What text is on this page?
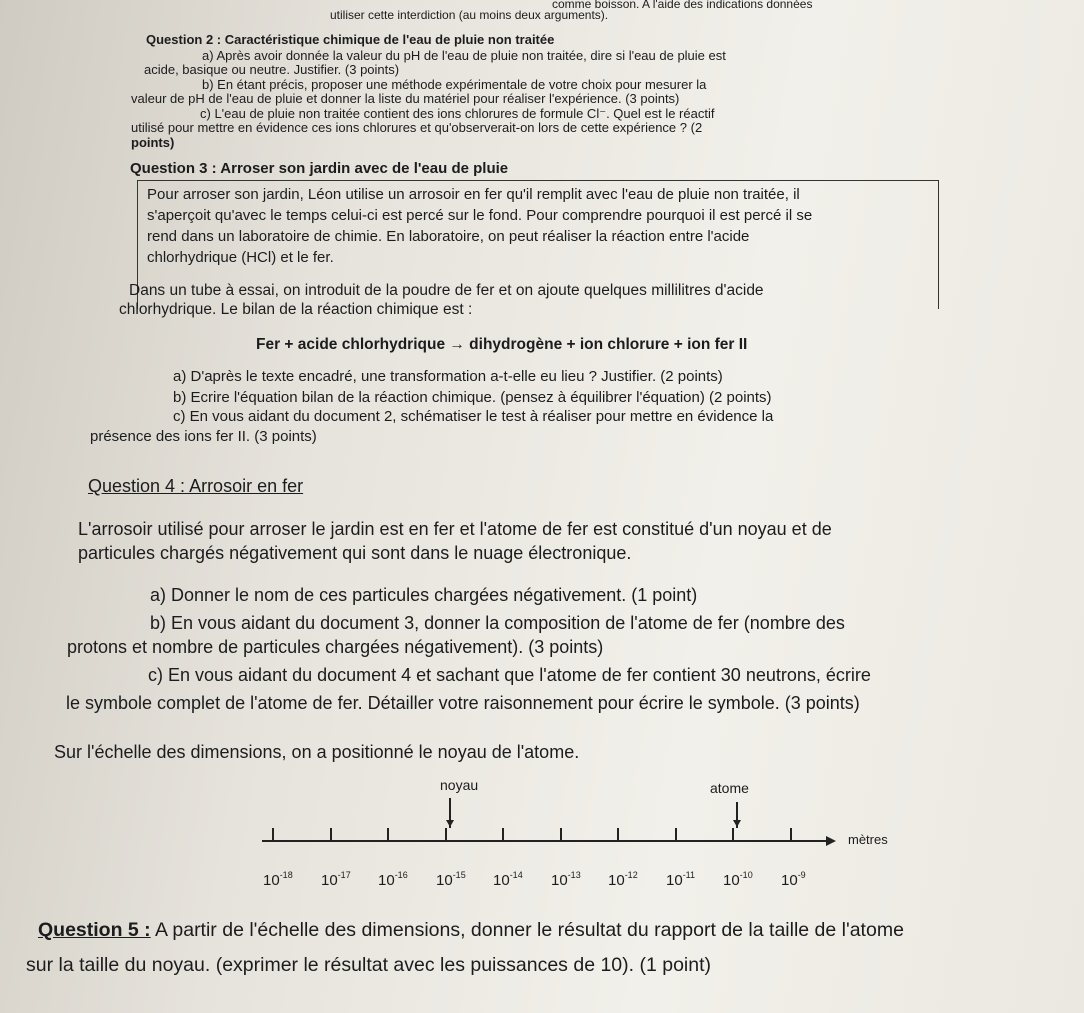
comme boisson. A l'aide des indications données
utiliser cette interdiction (au moins deux arguments).
Question 2 : Caractéristique chimique de l'eau de pluie non traitée
a) Après avoir donnée la valeur du pH de l'eau de pluie non traitée, dire si l'eau de pluie est
acide, basique ou neutre. Justifier. (3 points)
b) En étant précis, proposer une méthode expérimentale de votre choix pour mesurer la
valeur de pH de l'eau de pluie et donner la liste du matériel pour réaliser l'expérience. (3 points)
c) L'eau de pluie non traitée contient des ions chlorures de formule Cl⁻. Quel est le réactif
utilisé pour mettre en évidence ces ions chlorures et qu'observerait-on lors de cette expérience ? (2
points)
Question 3 : Arroser son jardin avec de l'eau de pluie
Pour arroser son jardin, Léon utilise un arrosoir en fer qu'il remplit avec l'eau de pluie non traitée, il
s'aperçoit qu'avec le temps celui-ci est percé sur le fond. Pour comprendre pourquoi il est percé il se
rend dans un laboratoire de chimie. En laboratoire, on peut réaliser la réaction entre l'acide
chlorhydrique (HCl) et le fer.
Dans un tube à essai, on introduit de la poudre de fer et on ajoute quelques millilitres d'acide
chlorhydrique. Le bilan de la réaction chimique est :
Fer + acide chlorhydrique → dihydrogène + ion chlorure + ion fer II
a) D'après le texte encadré, une transformation a-t-elle eu lieu ? Justifier. (2 points)
b) Ecrire l'équation bilan de la réaction chimique. (pensez à équilibrer l'équation) (2 points)
c) En vous aidant du document 2, schématiser le test à réaliser pour mettre en évidence la
présence des ions fer II. (3 points)
Question 4 : Arrosoir en fer
L'arrosoir utilisé pour arroser le jardin est en fer et l'atome de fer est constitué d'un noyau et de
particules chargés négativement qui sont dans le nuage électronique.
a) Donner le nom de ces particules chargées négativement. (1 point)
b) En vous aidant du document 3, donner la composition de l'atome de fer (nombre des
protons et nombre de particules chargées négativement). (3 points)
c) En vous aidant du document 4 et sachant que l'atome de fer contient 30 neutrons, écrire
le symbole complet de l'atome de fer. Détailler votre raisonnement pour écrire le symbole. (3 points)
Sur l'échelle des dimensions, on a positionné le noyau de l'atome.
noyau	atome
mètres
$10^{-18}$ $10^{-17}$ $10^{-16}$ $10^{-15}$ $10^{-14}$ $10^{-13}$ $10^{-12}$ $10^{-11}$ $10^{-10}$ $10^{-9}$
Question 5 : A partir de l'échelle des dimensions, donner le résultat du rapport de la taille de l'atome
sur la taille du noyau. (exprimer le résultat avec les puissances de 10). (1 point)
